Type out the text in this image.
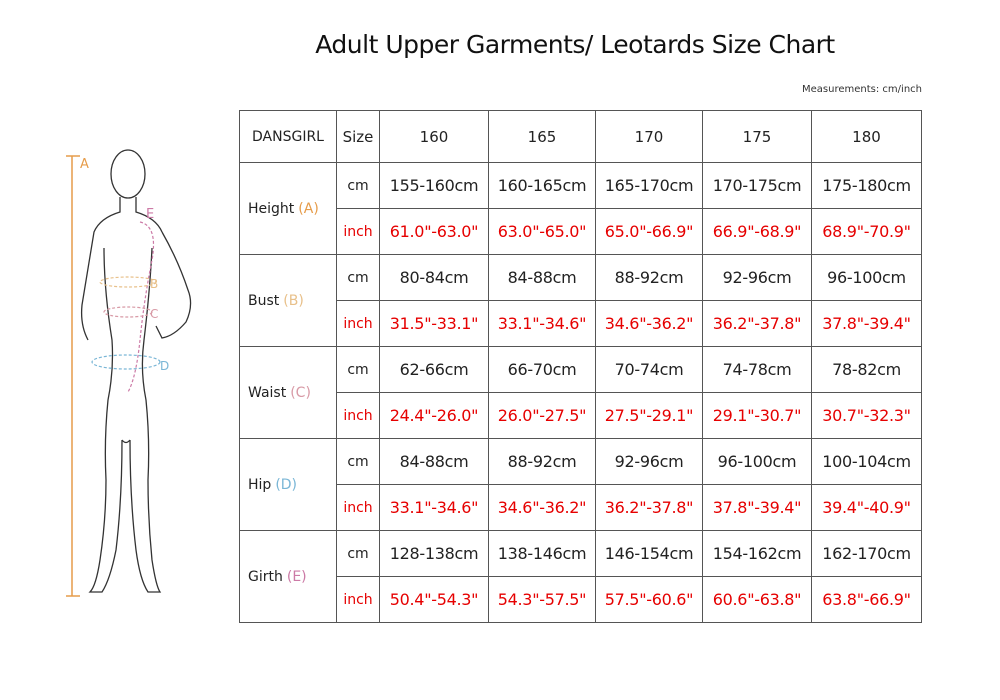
Adult Upper Garments/ Leotards Size Chart
Measurements: cm/inch
A
E
B
C
D
DANSGIRL	Size	160	165	170	175	180
Height (A)	cm	155-160cm	160-165cm	165-170cm	170-175cm	175-180cm
	inch	61.0"-63.0"	63.0"-65.0"	65.0"-66.9"	66.9"-68.9"	68.9"-70.9"
Bust (B)	cm	80-84cm	84-88cm	88-92cm	92-96cm	96-100cm
	inch	31.5"-33.1"	33.1"-34.6"	34.6"-36.2"	36.2"-37.8"	37.8"-39.4"
Waist (C)	cm	62-66cm	66-70cm	70-74cm	74-78cm	78-82cm
	inch	24.4"-26.0"	26.0"-27.5"	27.5"-29.1"	29.1"-30.7"	30.7"-32.3"
Hip (D)	cm	84-88cm	88-92cm	92-96cm	96-100cm	100-104cm
	inch	33.1"-34.6"	34.6"-36.2"	36.2"-37.8"	37.8"-39.4"	39.4"-40.9"
Girth (E)	cm	128-138cm	138-146cm	146-154cm	154-162cm	162-170cm
	inch	50.4"-54.3"	54.3"-57.5"	57.5"-60.6"	60.6"-63.8"	63.8"-66.9"
